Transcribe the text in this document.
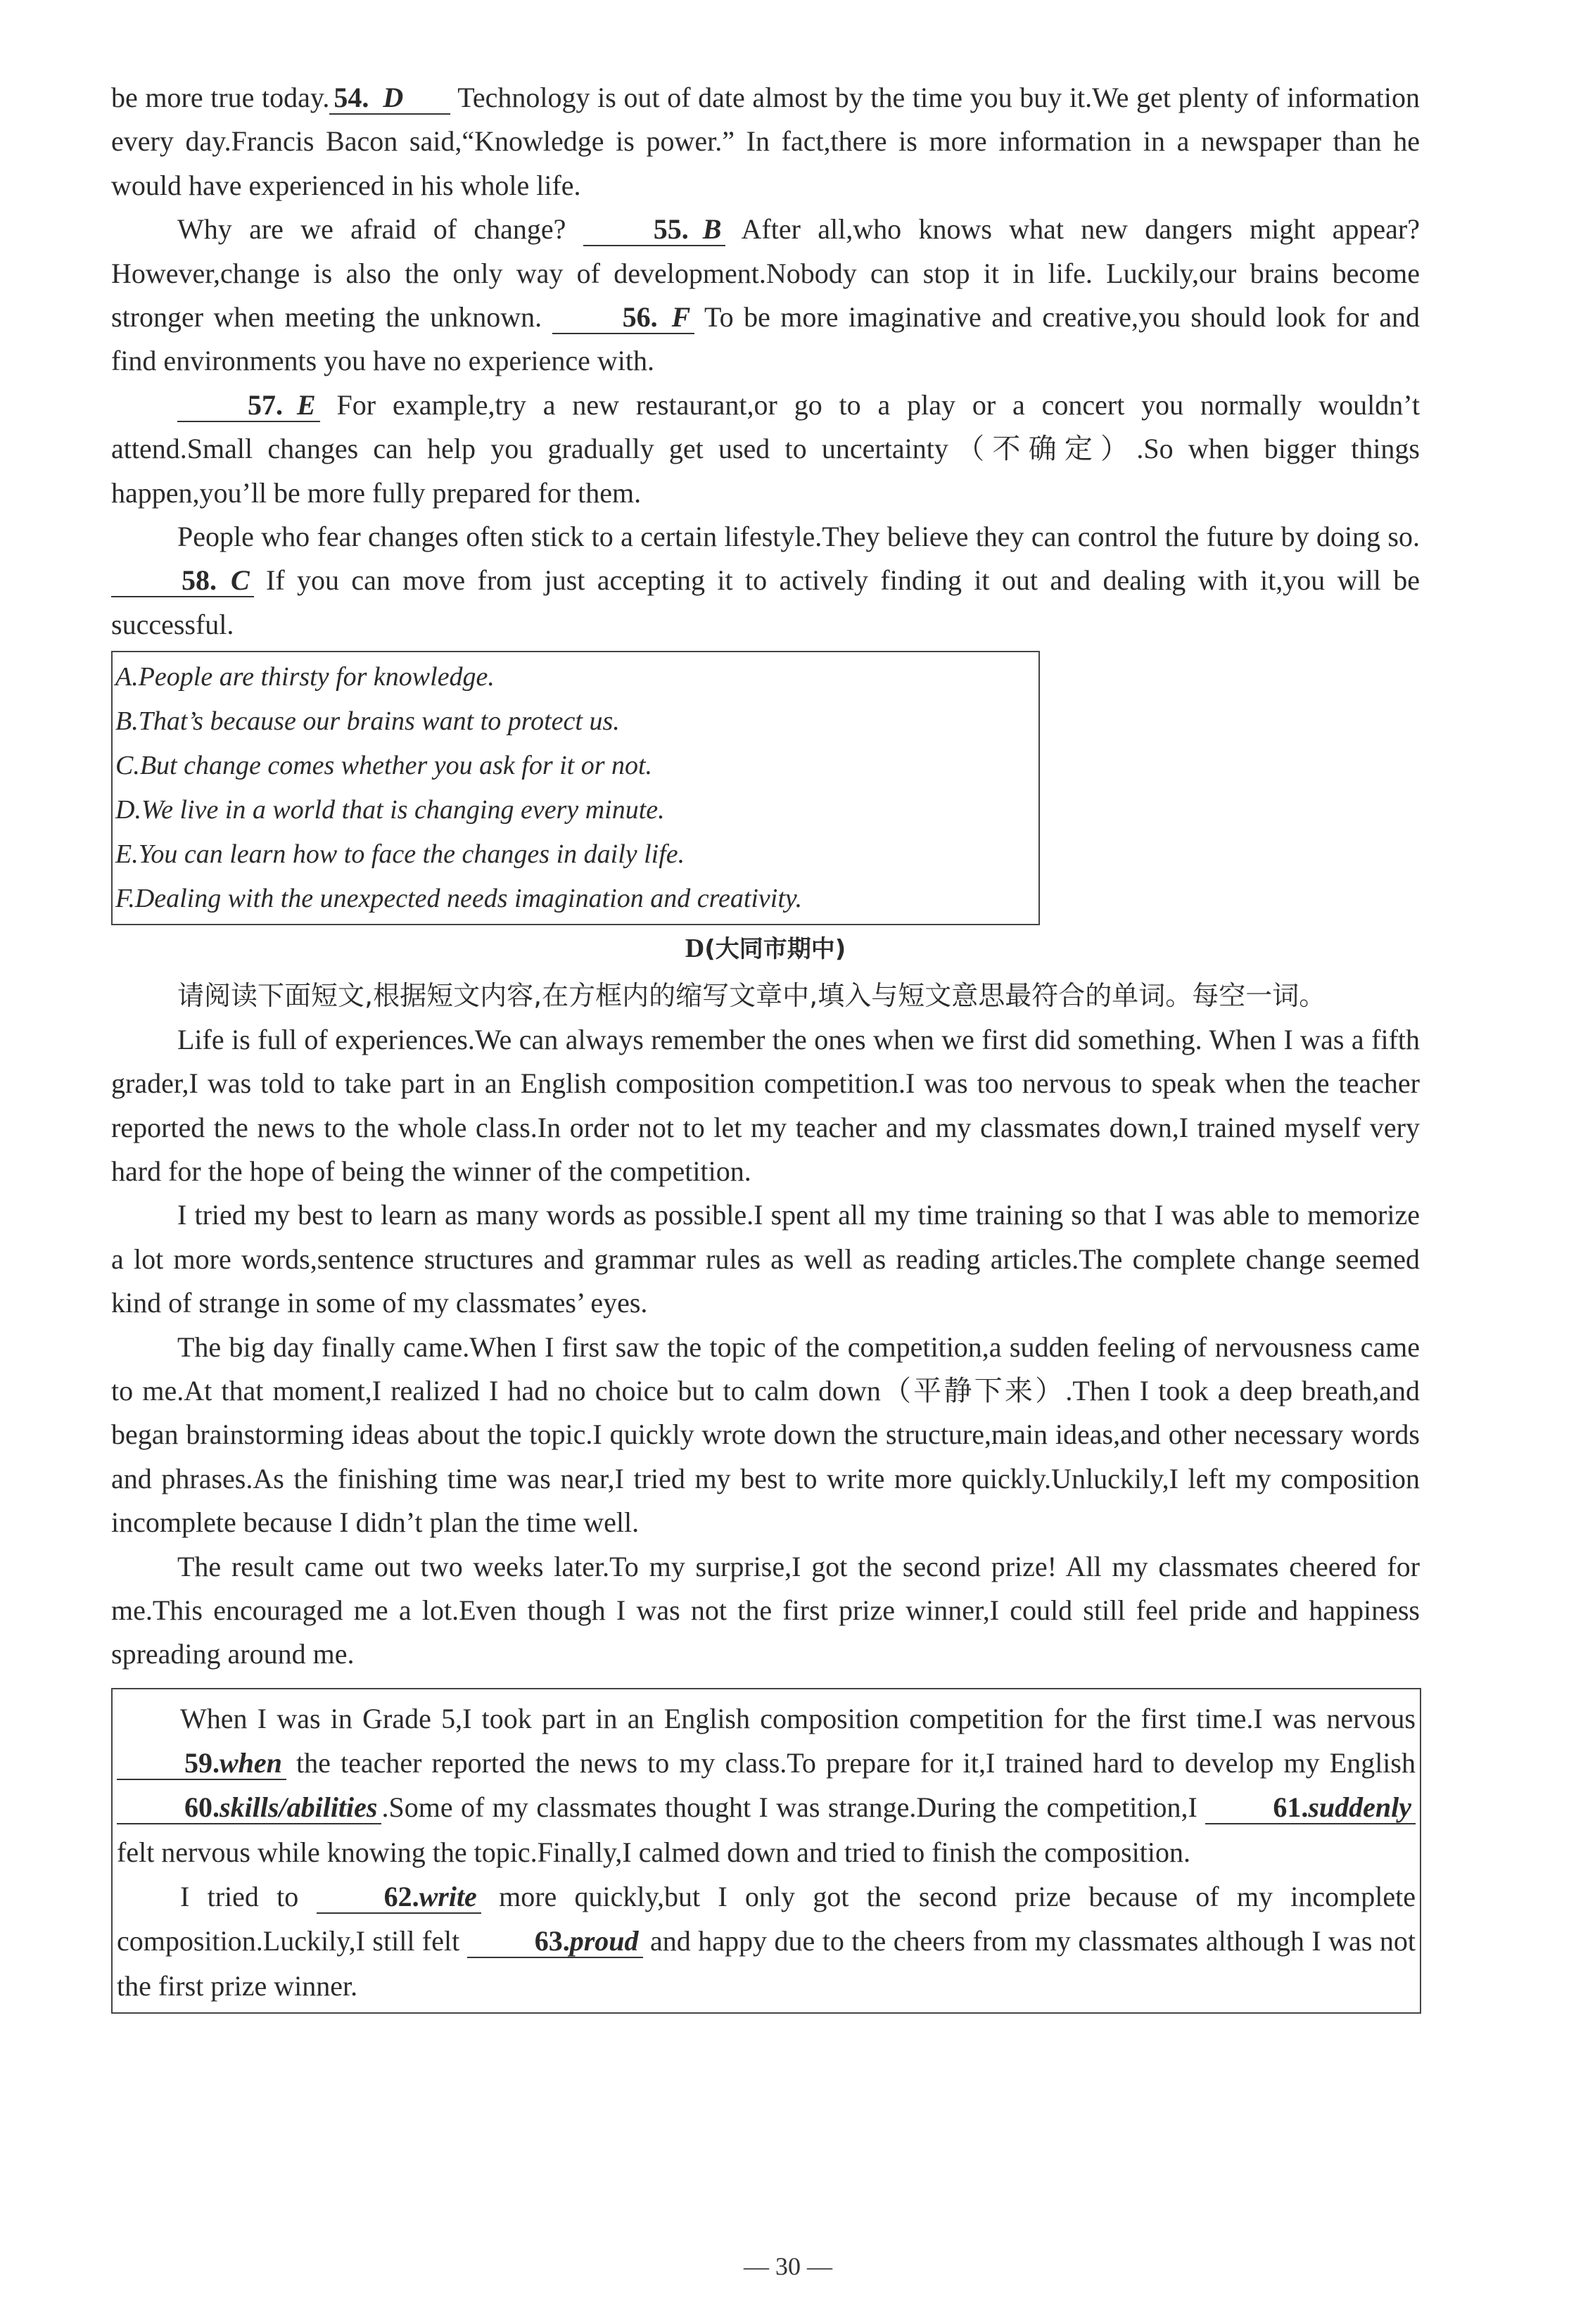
be more true today. 54. D Technology is out of date almost by the time you buy it.We get plenty of information every day.Francis Bacon said,“Knowledge is power.” In fact,there is more information in a newspaper than he would have experienced in his whole life.

Why are we afraid of change?	55. B After all,who knows what new dangers might appear? However,change is also the only way of development.Nobody can stop it in life. Luckily,our brains become stronger when meeting the unknown.	56. F To be more imaginative and creative,you should look for and find environments you have no experience with.

57. E For example,try a new restaurant,or go to a play or a concert you normally wouldn’t attend.Small changes can help you gradually get used to uncertainty（不确定）.So when bigger things happen,you’ll be more fully prepared for them.

People who fear changes often stick to a certain lifestyle.They believe they can control the future by doing so.58. C If you can move from just accepting it to actively finding it out and dealing with it,you will be successful.

A.People are thirsty for knowledge.
B.That’s because our brains want to protect us.
C.But change comes whether you ask for it or not.
D.We live in a world that is changing every minute.
E.You can learn how to face the changes in daily life.
F.Dealing with the unexpected needs imagination and creativity.
D(大同市期中)

请阅读下面短文,根据短文内容,在方框内的缩写文章中,填入与短文意思最符合的单词。每空一词。

Life is full of experiences.We can always remember the ones when we first did something. When I was a fifth grader,I was told to take part in an English composition competition.I was too nervous to speak when the teacher reported the news to the whole class.In order not to let my teacher and my classmates down,I trained myself very hard for the hope of being the winner of the competition.

I tried my best to learn as many words as possible.I spent all my time training so that I was able to memorize a lot more words,sentence structures and grammar rules as well as reading articles.The complete change seemed kind of strange in some of my classmates’ eyes.

The big day finally came.When I first saw the topic of the competition,a sudden feeling of nervousness came to me.At that moment,I realized I had no choice but to calm down（平静下来）.Then I took a deep breath,and began brainstorming ideas about the topic.I quickly wrote down the structure,main ideas,and other necessary words and phrases.As the finishing time was near,I tried my best to write more quickly.Unluckily,I left my composition incomplete because I didn’t plan the time well.

The result came out two weeks later.To my surprise,I got the second prize! All my classmates cheered for me.This encouraged me a lot.Even though I was not the first prize winner,I could still feel pride and happiness spreading around me.

When I was in Grade 5,I took part in an English composition competition for the first time.I was nervous 59.when the teacher reported the news to my class.To prepare for it,I trained hard to develop my English 60.skills/abilities .Some of my classmates thought I was strange.During the competition,I 61.suddenly felt nervous while knowing the topic.Finally,I calmed down and tried to finish the composition.

I tried to 62.write more quickly,but I only got the second prize because of my incomplete composition.Luckily,I still felt 63.proud and happy due to the cheers from my classmates although I was not the first prize winner.

— 30 —
